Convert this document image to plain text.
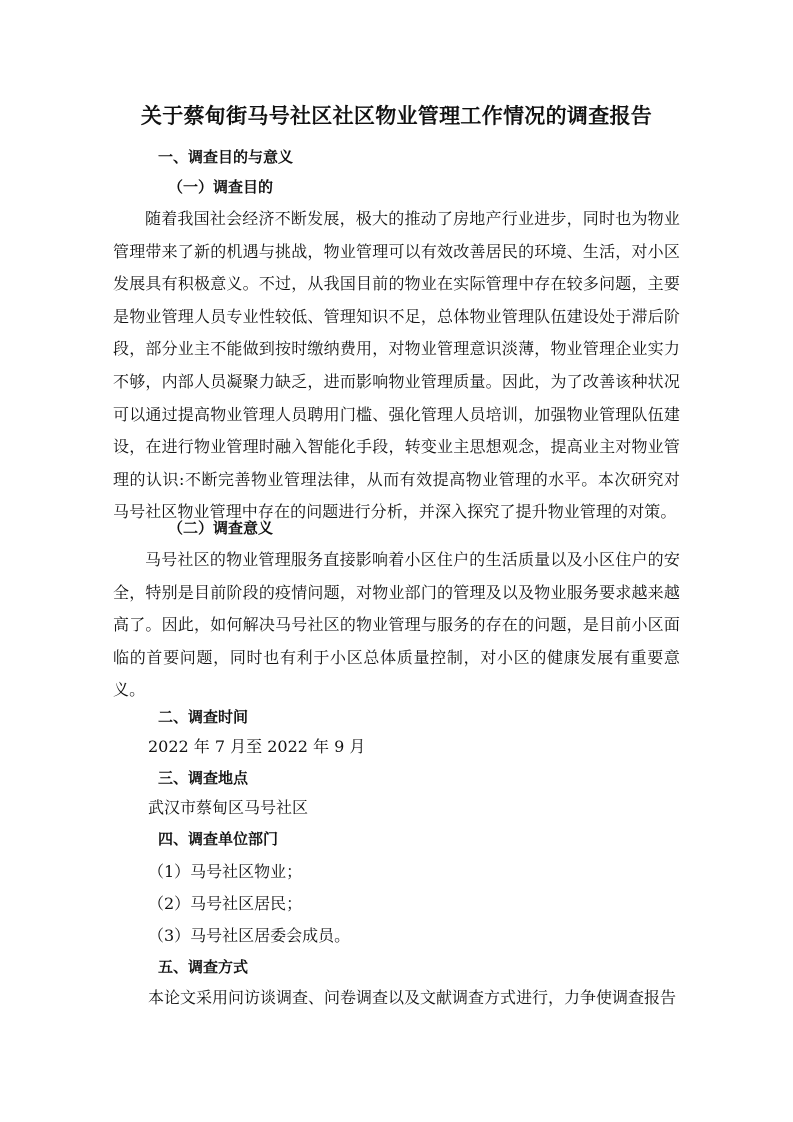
关于蔡甸街马号社区社区物业管理工作情况的调查报告
一、调查目的与意义
（一）调查目的
随着我国社会经济不断发展，极大的推动了房地产行业进步，同时也为物业管理带来了新的机遇与挑战，物业管理可以有效改善居民的环境、生活，对小区发展具有积极意义。不过，从我国目前的物业在实际管理中存在较多问题，主要是物业管理人员专业性较低、管理知识不足，总体物业管理队伍建设处于滞后阶段，部分业主不能做到按时缴纳费用，对物业管理意识淡薄，物业管理企业实力不够，内部人员凝聚力缺乏，进而影响物业管理质量。因此，为了改善该种状况可以通过提高物业管理人员聘用门槛、强化管理人员培训，加强物业管理队伍建设，在进行物业管理时融入智能化手段，转变业主思想观念，提高业主对物业管理的认识:不断完善物业管理法律，从而有效提高物业管理的水平。本次研究对马号社区物业管理中存在的问题进行分析，并深入探究了提升物业管理的对策。
（二）调查意义
马号社区的物业管理服务直接影响着小区住户的生活质量以及小区住户的安全，特别是目前阶段的疫情问题，对物业部门的管理及以及物业服务要求越来越高了。因此，如何解决马号社区的物业管理与服务的存在的问题，是目前小区面临的首要问题，同时也有利于小区总体质量控制，对小区的健康发展有重要意义。
二、调查时间
2022 年 7 月至 2022 年 9 月
三、调查地点
武汉市蔡甸区马号社区
四、调查单位部门
（1）马号社区物业；
（2）马号社区居民；
（3）马号社区居委会成员。
五、调查方式
本论文采用问访谈调查、问卷调查以及文献调查方式进行，力争使调查报告
